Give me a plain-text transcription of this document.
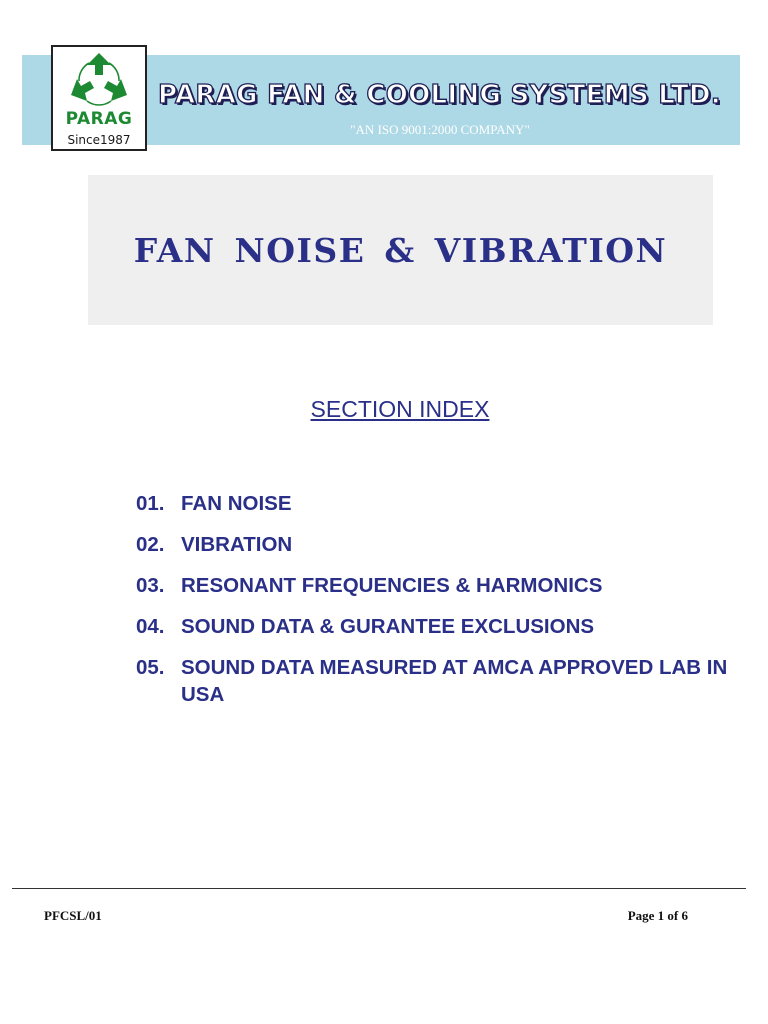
PARAG
Since1987
PARAG FAN & COOLING SYSTEMS LTD.
"AN ISO 9001:2000 COMPANY"
FAN NOISE & VIBRATION
SECTION INDEX
01. FAN NOISE
02. VIBRATION
03. RESONANT FREQUENCIES & HARMONICS
04. SOUND DATA & GURANTEE EXCLUSIONS
05. SOUND DATA MEASURED AT AMCA APPROVED LAB IN USA
PFCSL/01	Page 1 of 6
